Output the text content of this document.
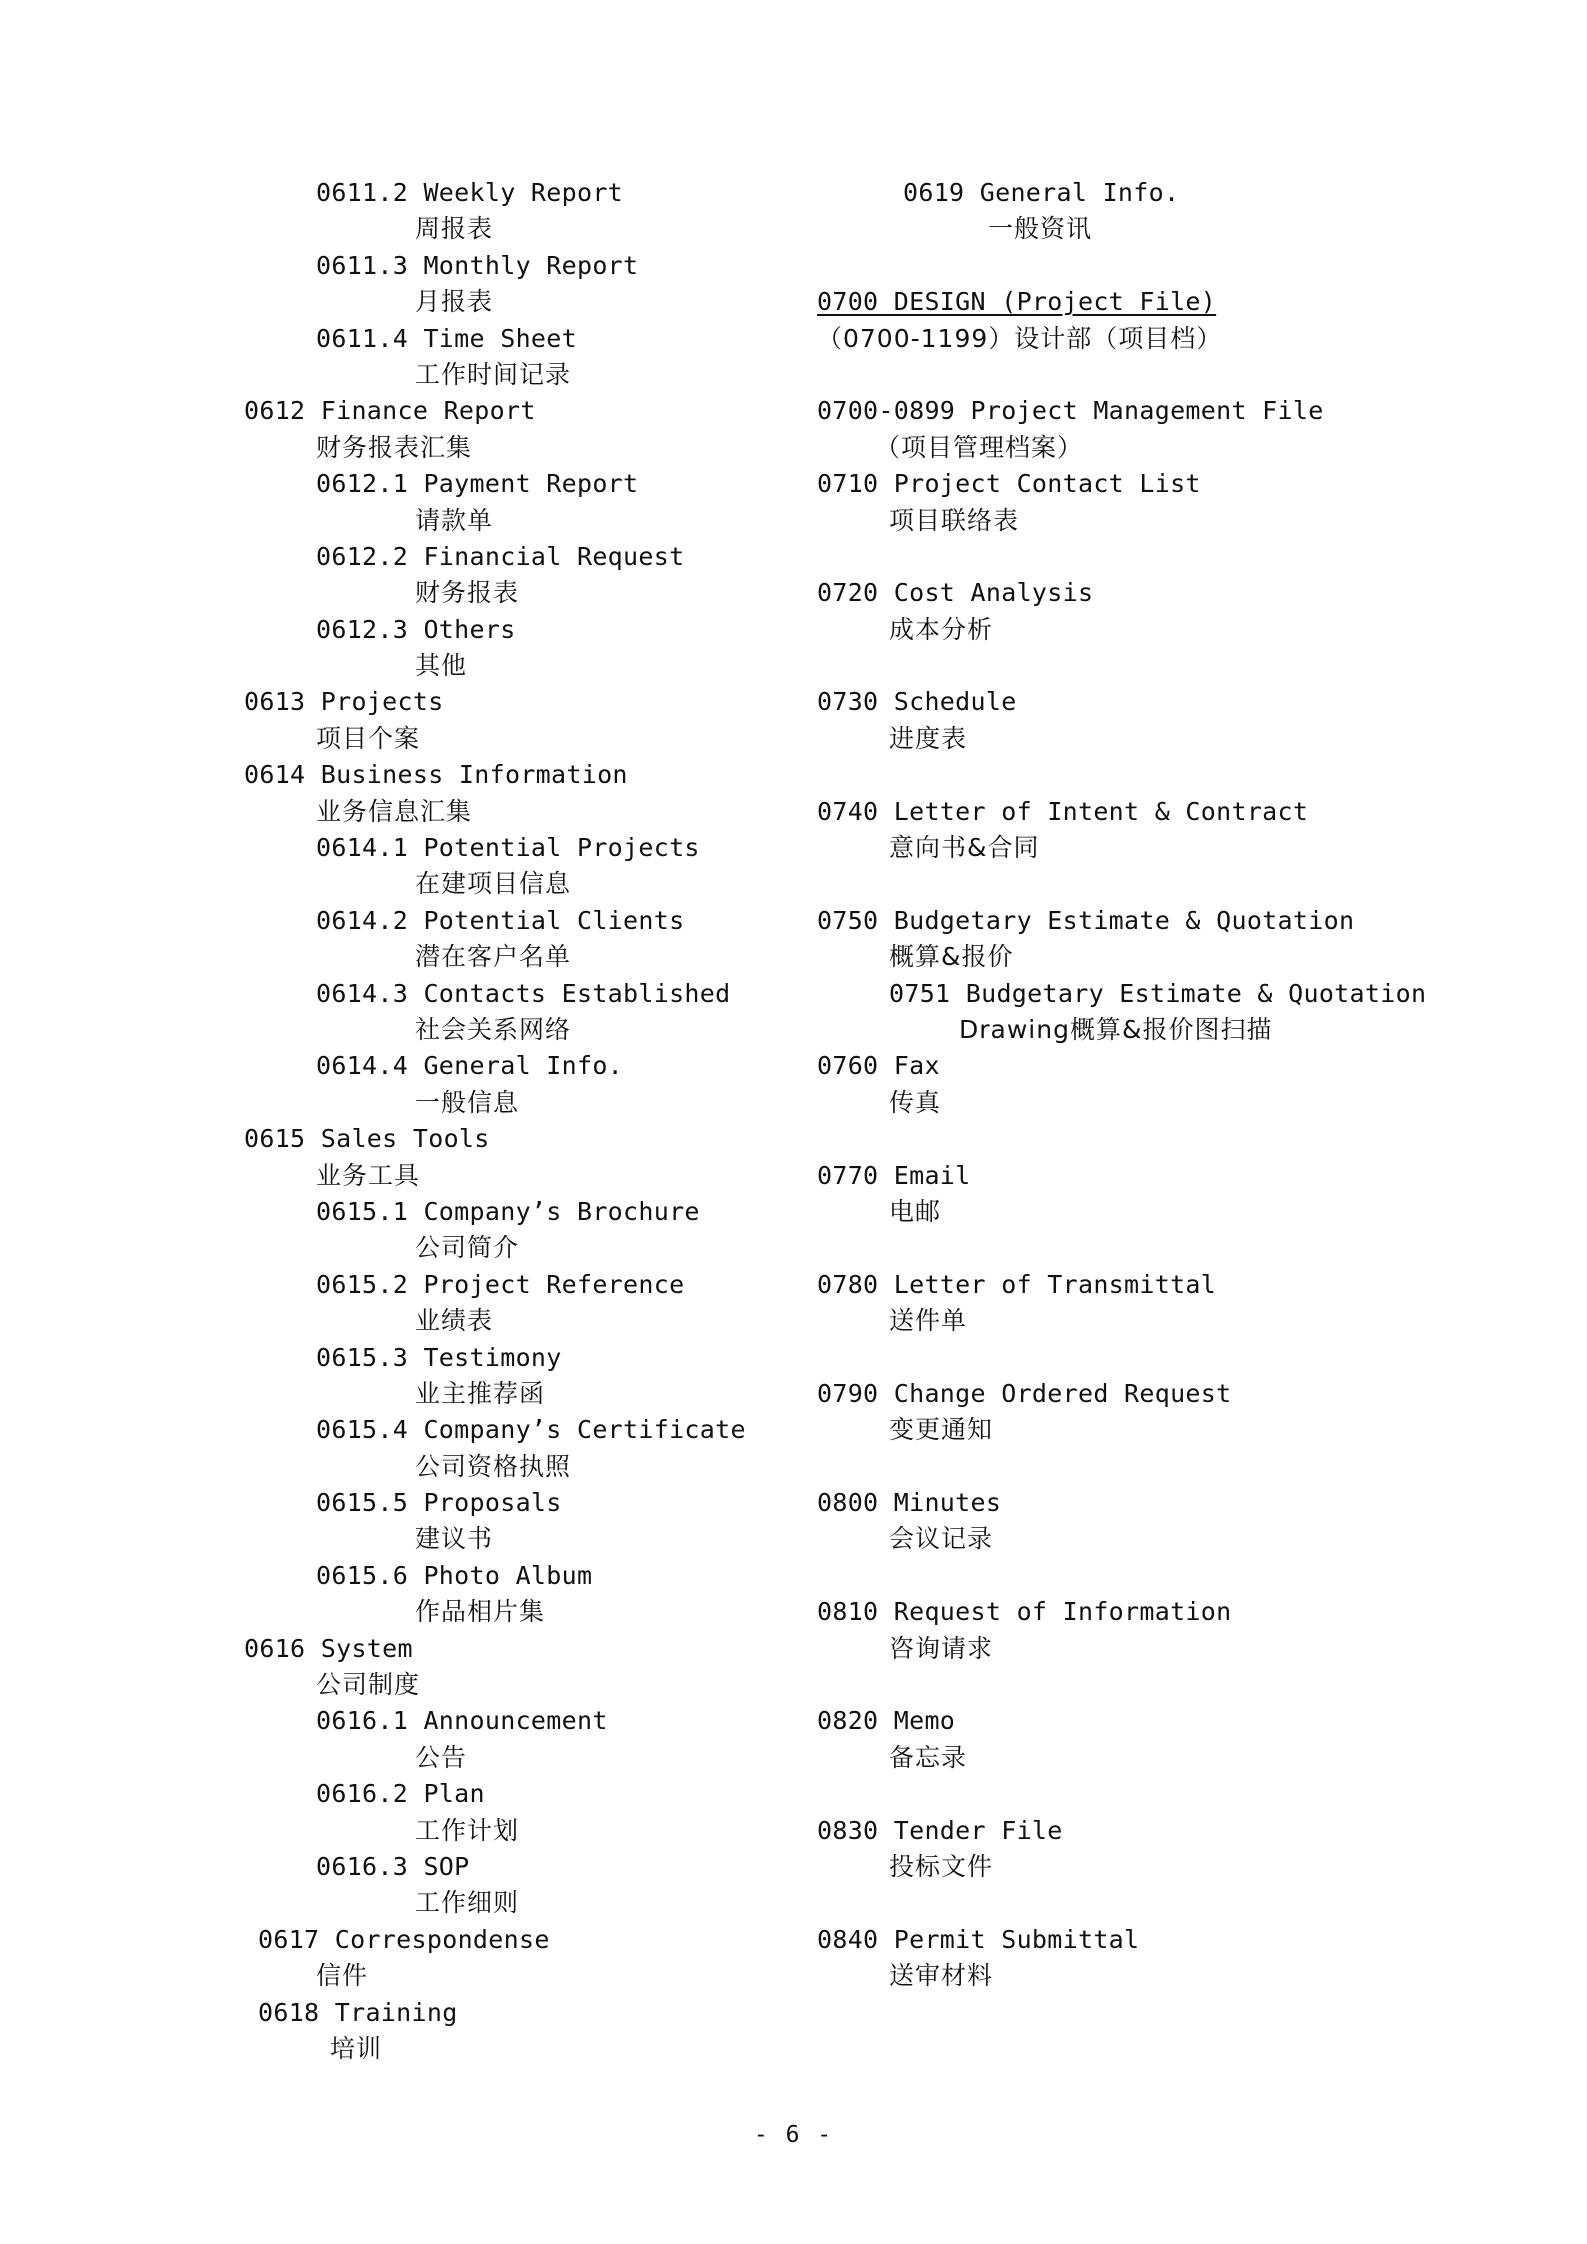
0611.2 Weekly Report
周报表
0611.3 Monthly Report
月报表
0611.4 Time Sheet
工作时间记录
0612 Finance Report
财务报表汇集
0612.1 Payment Report
请款单
0612.2 Financial Request
财务报表
0612.3 Others
其他
0613 Projects
项目个案
0614 Business Information
业务信息汇集
0614.1 Potential Projects
在建项目信息
0614.2 Potential Clients
潜在客户名单
0614.3 Contacts Established
社会关系网络
0614.4 General Info.
一般信息
0615 Sales Tools
业务工具
0615.1 Company’s Brochure
公司简介
0615.2 Project Reference
业绩表
0615.3 Testimony
业主推荐函
0615.4 Company’s Certificate
公司资格执照
0615.5 Proposals
建议书
0615.6 Photo Album
作品相片集
0616 System
公司制度
0616.1 Announcement
公告
0616.2 Plan
工作计划
0616.3 SOP
工作细则
0617 Correspondense
信件
0618 Training
培训
0619 General Info.
一般资讯
0700 DESIGN (Project File)
（0700-1199）设计部（项目档）
0700-0899 Project Management File
（项目管理档案）
0710 Project Contact List
项目联络表
0720 Cost Analysis
成本分析
0730 Schedule
进度表
0740 Letter of Intent & Contract
意向书&合同
0750 Budgetary Estimate & Quotation
概算&报价
0751 Budgetary Estimate & Quotation
Drawing概算&报价图扫描
0760 Fax
传真
0770 Email
电邮
0780 Letter of Transmittal
送件单
0790 Change Ordered Request
变更通知
0800 Minutes
会议记录
0810 Request of Information
咨询请求
0820 Memo
备忘录
0830 Tender File
投标文件
0840 Permit Submittal
送审材料
- 6 -
